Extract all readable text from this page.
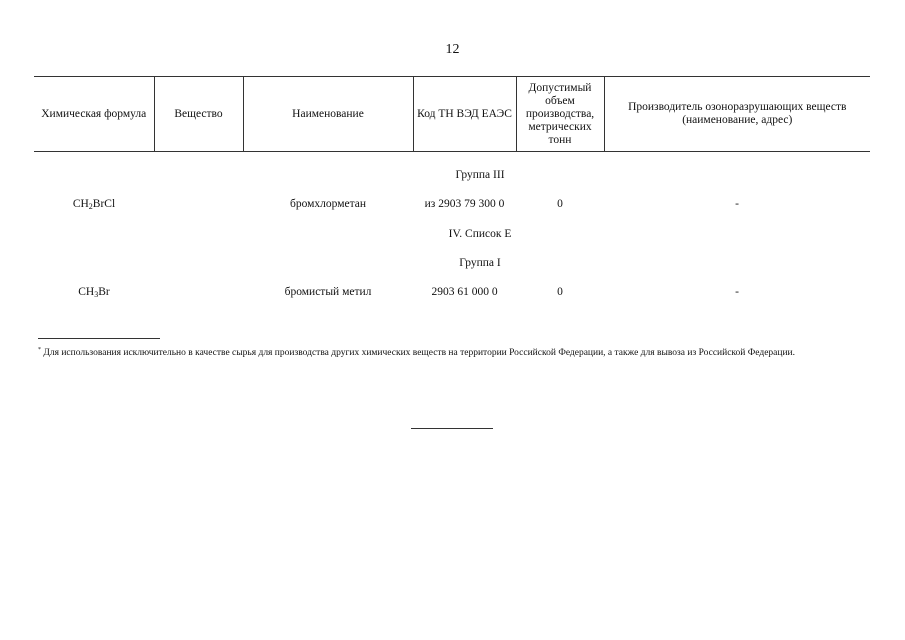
12
Химическая формула	Вещество	Наименование	Код ТН ВЭД ЕАЭС	Допустимый объем производства, метрических тонн	Производитель озоноразрушающих веществ (наименование, адрес)

Группа III					
$CH_2BrCl$		бромхлорметан	из 2903 79 300 0	0	-
IV. Список Е					
Группа I					
$CH_3Br$		бромистый метил	2903 61 000 0	0	-
* Для использования исключительно в качестве сырья для производства других химических веществ на территории Российской Федерации, а также для вывоза из Российской Федерации.
